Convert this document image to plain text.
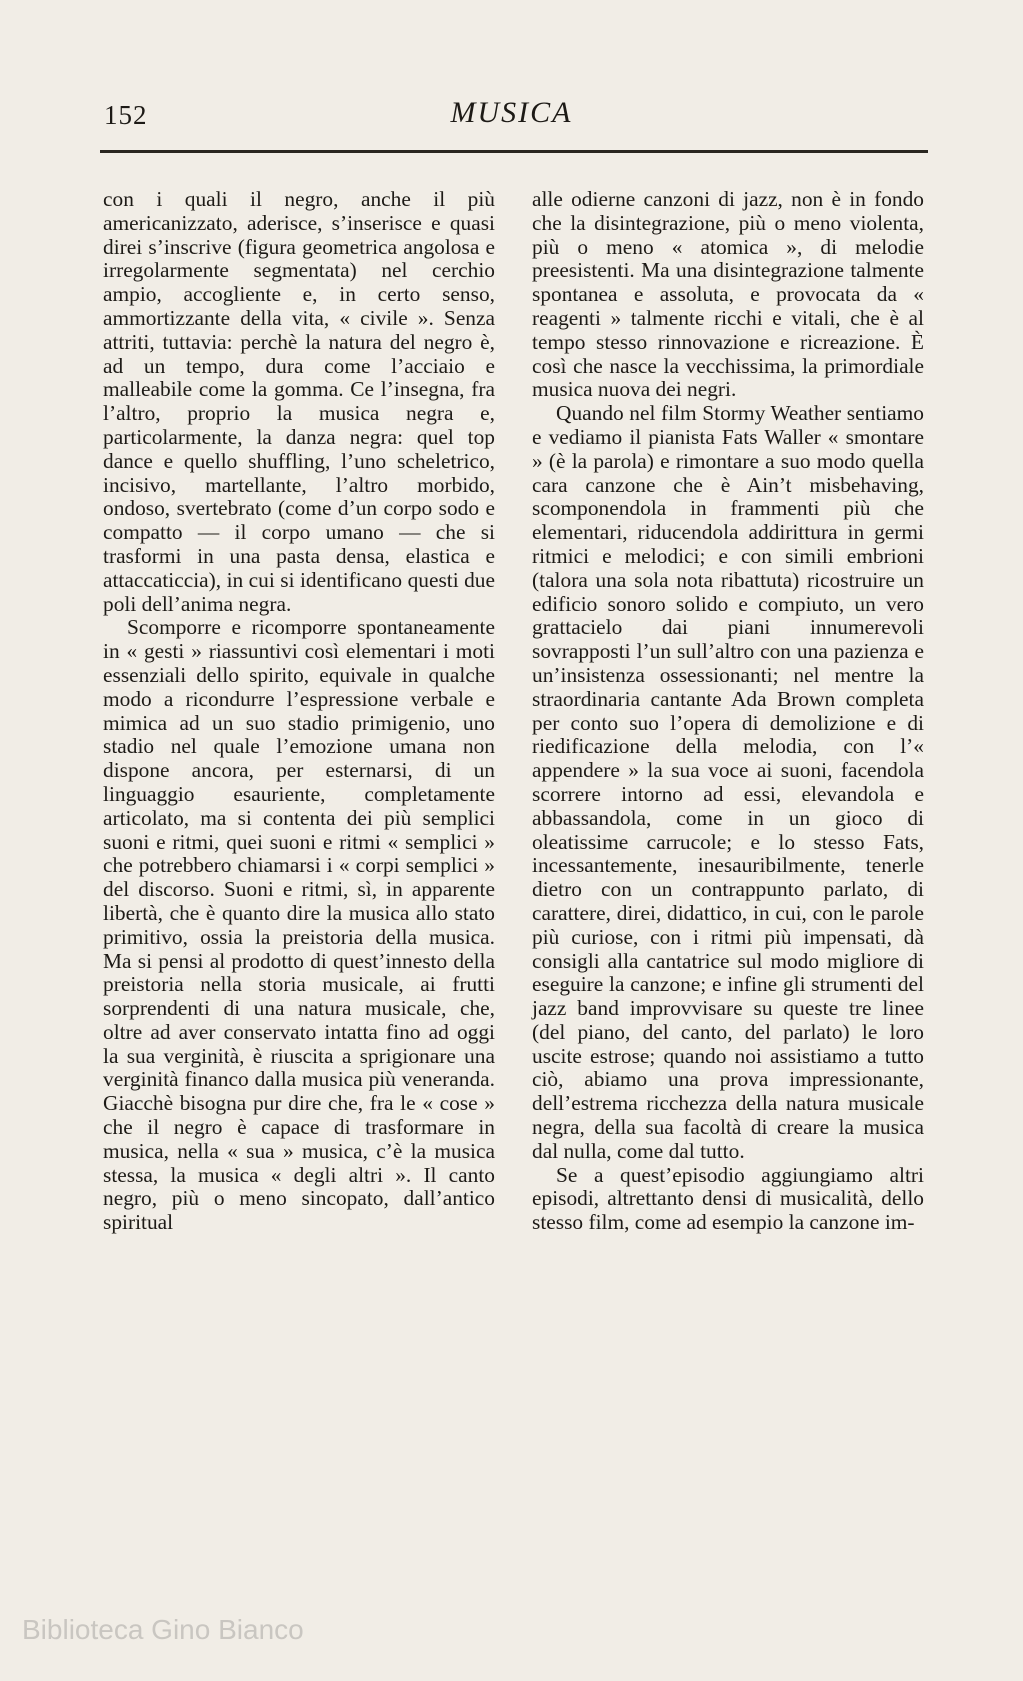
152	MUSICA

con i quali il negro, anche il più americanizzato, aderisce, s’inserisce e quasi direi s’inscrive (figura geometrica angolosa e irregolarmente segmentata) nel cerchio ampio, accogliente e, in certo senso, ammortizzante della vita, « civile ». Senza attriti, tuttavia: perchè la natura del negro è, ad un tempo, dura come l’acciaio e malleabile come la gomma. Ce l’insegna, fra l’altro, proprio la musica negra e, particolarmente, la danza negra: quel top dance e quello shuffling, l’uno scheletrico, incisivo, martellante, l’altro morbido, ondoso, svertebrato (come d’un corpo sodo e compatto — il corpo umano — che si trasformi in una pasta densa, elastica e attaccaticcia), in cui si identificano questi due poli dell’anima negra.

Scomporre e ricomporre spontaneamente in « gesti » riassuntivi così elementari i moti essenziali dello spirito, equivale in qualche modo a ricondurre l’espressione verbale e mimica ad un suo stadio primigenio, uno stadio nel quale l’emozione umana non dispone ancora, per esternarsi, di un linguaggio esauriente, completamente articolato, ma si contenta dei più semplici suoni e ritmi, quei suoni e ritmi « semplici » che potrebbero chiamarsi i « corpi semplici » del discorso. Suoni e ritmi, sì, in apparente libertà, che è quanto dire la musica allo stato primitivo, ossia la preistoria della musica. Ma si pensi al prodotto di quest’innesto della preistoria nella storia musicale, ai frutti sorprendenti di una natura musicale, che, oltre ad aver conservato intatta fino ad oggi la sua verginità, è riuscita a sprigionare una verginità financo dalla musica più veneranda. Giacchè bisogna pur dire che, fra le « cose » che il negro è capace di trasformare in musica, nella « sua » musica, c’è la musica stessa, la musica « degli altri ». Il canto negro, più o meno sincopato, dall’antico spiritual

alle odierne canzoni di jazz, non è in fondo che la disintegrazione, più o meno violenta, più o meno « atomica », di melodie preesistenti. Ma una disintegrazione talmente spontanea e assoluta, e provocata da « reagenti » talmente ricchi e vitali, che è al tempo stesso rinnovazione e ricreazione. È così che nasce la vecchissima, la primordiale musica nuova dei negri.

Quando nel film Stormy Weather sentiamo e vediamo il pianista Fats Waller « smontare » (è la parola) e rimontare a suo modo quella cara canzone che è Ain’t misbehaving, scomponendola in frammenti più che elementari, riducendola addirittura in germi ritmici e melodici; e con simili embrioni (talora una sola nota ribattuta) ricostruire un edificio sonoro solido e compiuto, un vero grattacielo dai piani innumerevoli sovrapposti l’un sull’altro con una pazienza e un’insistenza ossessionanti; nel mentre la straordinaria cantante Ada Brown completa per conto suo l’opera di demolizione e di riedificazione della melodia, con l’« appendere » la sua voce ai suoni, facendola scorrere intorno ad essi, elevandola e abbassandola, come in un gioco di oleatissime carrucole; e lo stesso Fats, incessantemente, inesauribilmente, tenerle dietro con un contrappunto parlato, di carattere, direi, didattico, in cui, con le parole più curiose, con i ritmi più impensati, dà consigli alla cantatrice sul modo migliore di eseguire la canzone; e infine gli strumenti del jazz band improvvisare su queste tre linee (del piano, del canto, del parlato) le loro uscite estrose; quando noi assistiamo a tutto ciò, abiamo una prova impressionante, dell’estrema ricchezza della natura musicale negra, della sua facoltà di creare la musica dal nulla, come dal tutto.

Se a quest’episodio aggiungiamo altri episodi, altrettanto densi di musicalità, dello stesso film, come ad esempio la canzone im-

Biblioteca Gino Bianco
